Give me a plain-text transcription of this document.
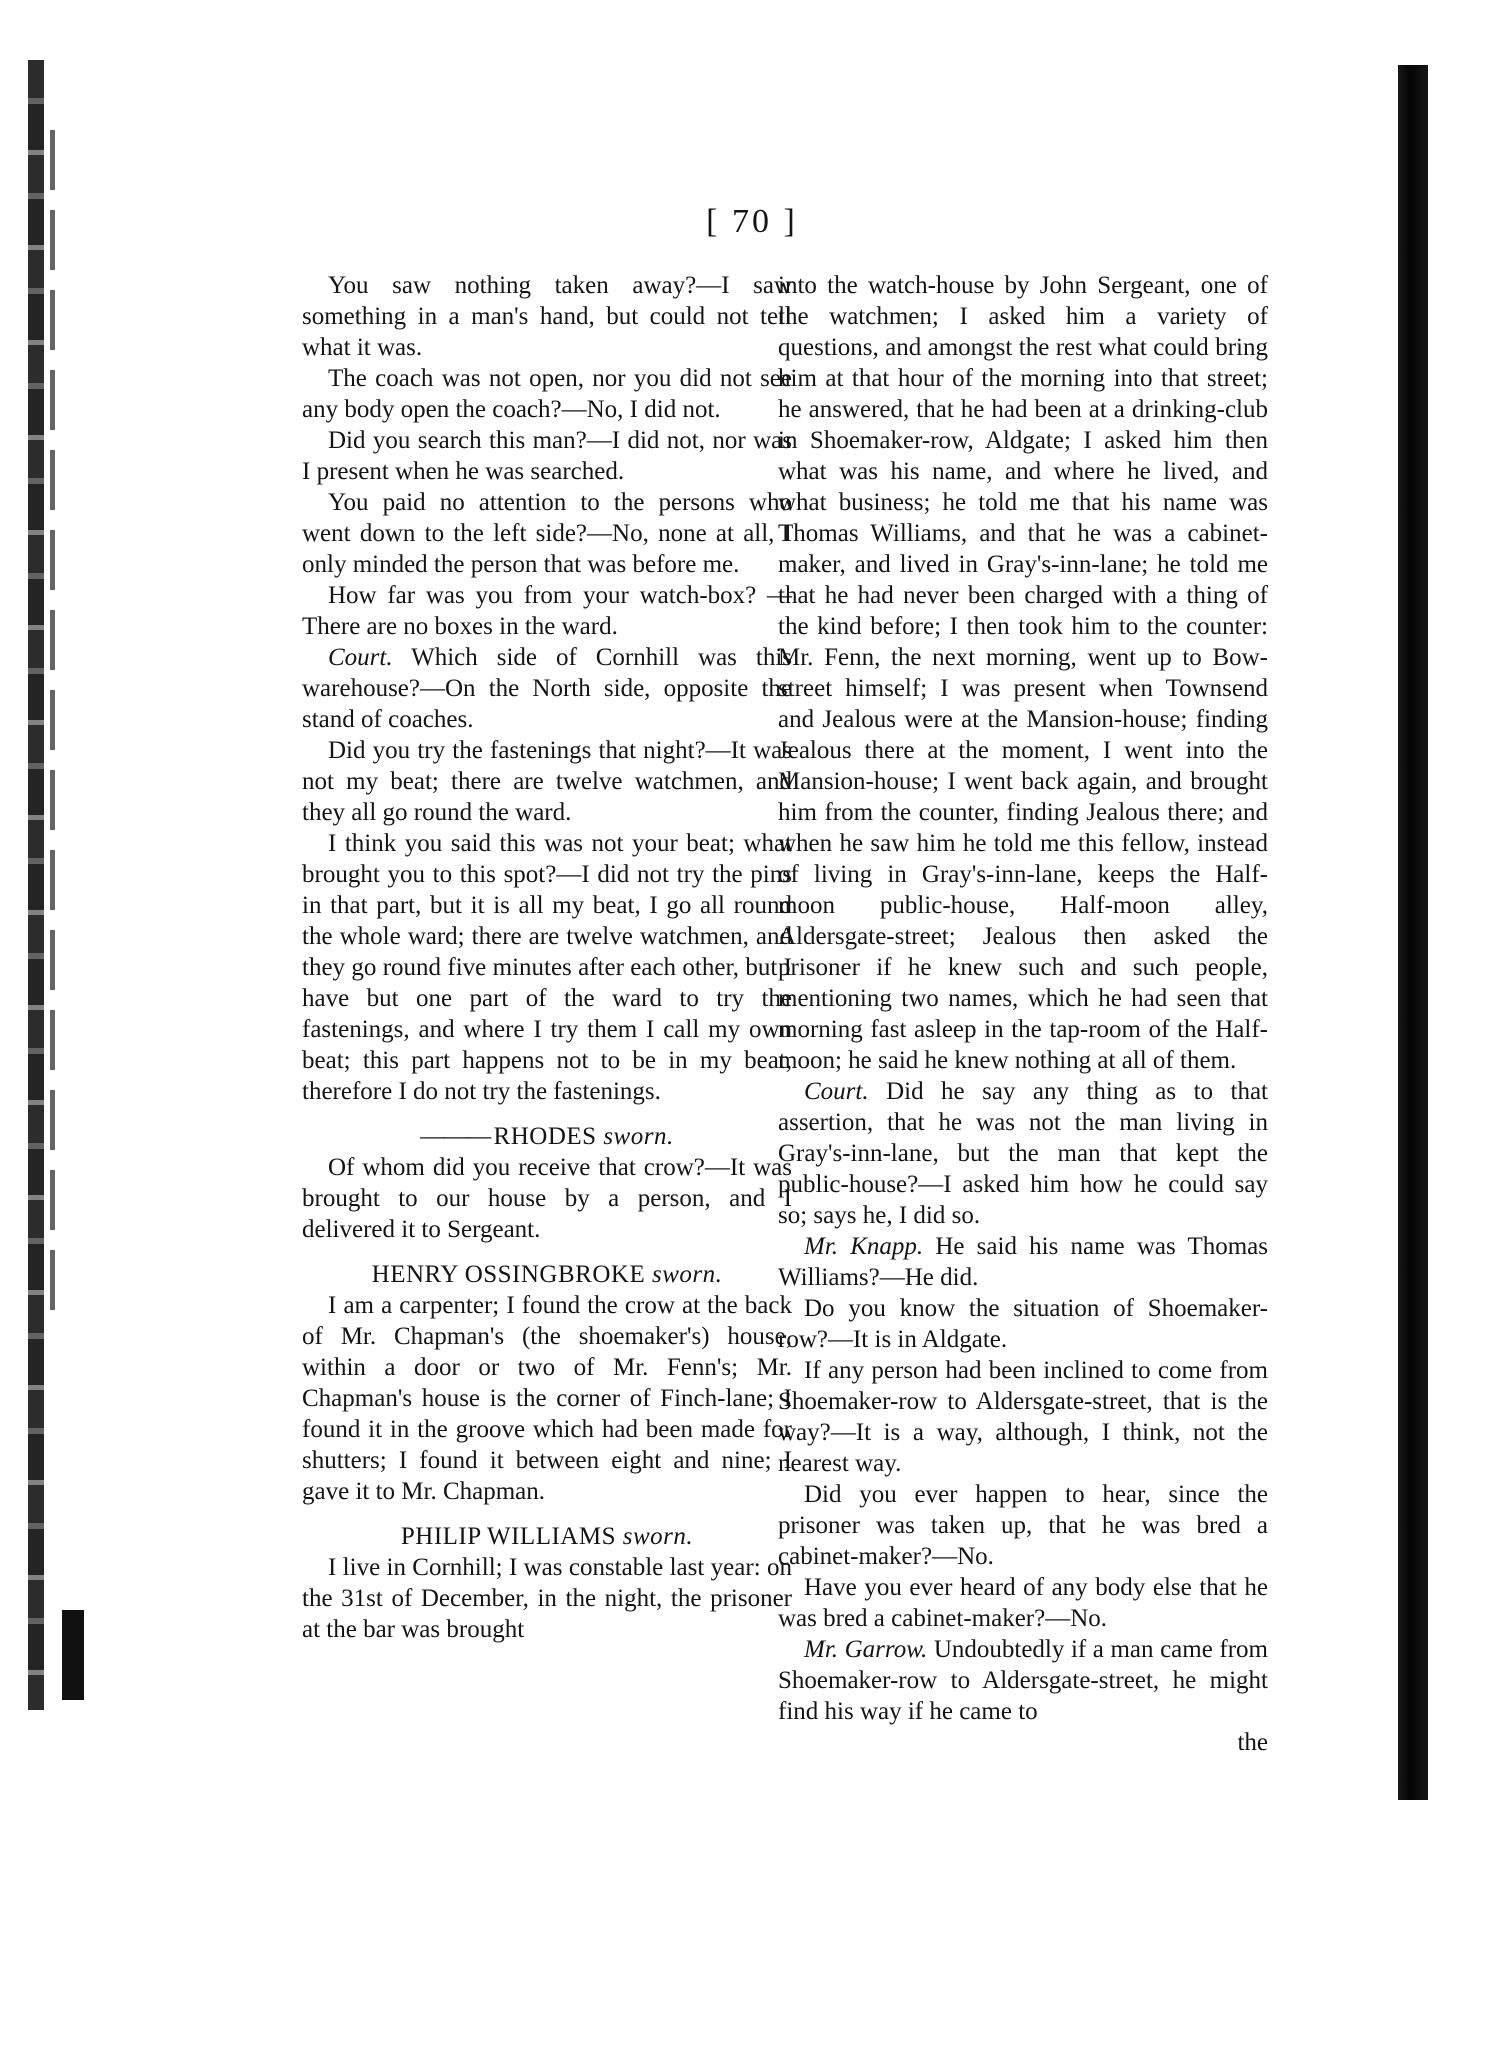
[ 70 ]

You saw nothing taken away?—I saw something in a man's hand, but could not tell what it was.

The coach was not open, nor you did not see any body open the coach?—No, I did not.

Did you search this man?—I did not, nor was I present when he was searched.

You paid no attention to the persons who went down to the left side?—No, none at all, I only minded the person that was before me.

How far was you from your watch-box? —There are no boxes in the ward.

Court. Which side of Cornhill was this warehouse?—On the North side, opposite the stand of coaches.

Did you try the fastenings that night?—It was not my beat; there are twelve watchmen, and they all go round the ward.

I think you said this was not your beat; what brought you to this spot?—I did not try the pins in that part, but it is all my beat, I go all round the whole ward; there are twelve watchmen, and they go round five minutes after each other, but I have but one part of the ward to try the fastenings, and where I try them I call my own beat; this part happens not to be in my beat, therefore I do not try the fastenings.

——— RHODES sworn.

Of whom did you receive that crow?—It was brought to our house by a person, and I delivered it to Sergeant.

HENRY OSSINGBROKE sworn.

I am a carpenter; I found the crow at the back of Mr. Chapman's (the shoemaker's) house, within a door or two of Mr. Fenn's; Mr. Chapman's house is the corner of Finch-lane; I found it in the groove which had been made for shutters; I found it between eight and nine; I gave it to Mr. Chapman.

PHILIP WILLIAMS sworn.

I live in Cornhill; I was constable last year: on the 31st of December, in the night, the prisoner at the bar was brought

into the watch-house by John Sergeant, one of the watchmen; I asked him a variety of questions, and amongst the rest what could bring him at that hour of the morning into that street; he answered, that he had been at a drinking-club in Shoemaker-row, Aldgate; I asked him then what was his name, and where he lived, and what business; he told me that his name was Thomas Williams, and that he was a cabinet-maker, and lived in Gray's-inn-lane; he told me that he had never been charged with a thing of the kind before; I then took him to the counter: Mr. Fenn, the next morning, went up to Bow-street himself; I was present when Townsend and Jealous were at the Mansion-house; finding Jealous there at the moment, I went into the Mansion-house; I went back again, and brought him from the counter, finding Jealous there; and when he saw him he told me this fellow, instead of living in Gray's-inn-lane, keeps the Half-moon public-house, Half-moon alley, Aldersgate-street; Jealous then asked the prisoner if he knew such and such people, mentioning two names, which he had seen that morning fast asleep in the tap-room of the Half-moon; he said he knew nothing at all of them.

Court. Did he say any thing as to that assertion, that he was not the man living in Gray's-inn-lane, but the man that kept the public-house?—I asked him how he could say so; says he, I did so.

Mr. Knapp. He said his name was Thomas Williams?—He did.

Do you know the situation of Shoemaker-row?—It is in Aldgate.

If any person had been inclined to come from Shoemaker-row to Aldersgate-street, that is the way?—It is a way, although, I think, not the nearest way.

Did you ever happen to hear, since the prisoner was taken up, that he was bred a cabinet-maker?—No.

Have you ever heard of any body else that he was bred a cabinet-maker?—No.

Mr. Garrow. Undoubtedly if a man came from Shoemaker-row to Aldersgate-street, he might find his way if he came to

the
